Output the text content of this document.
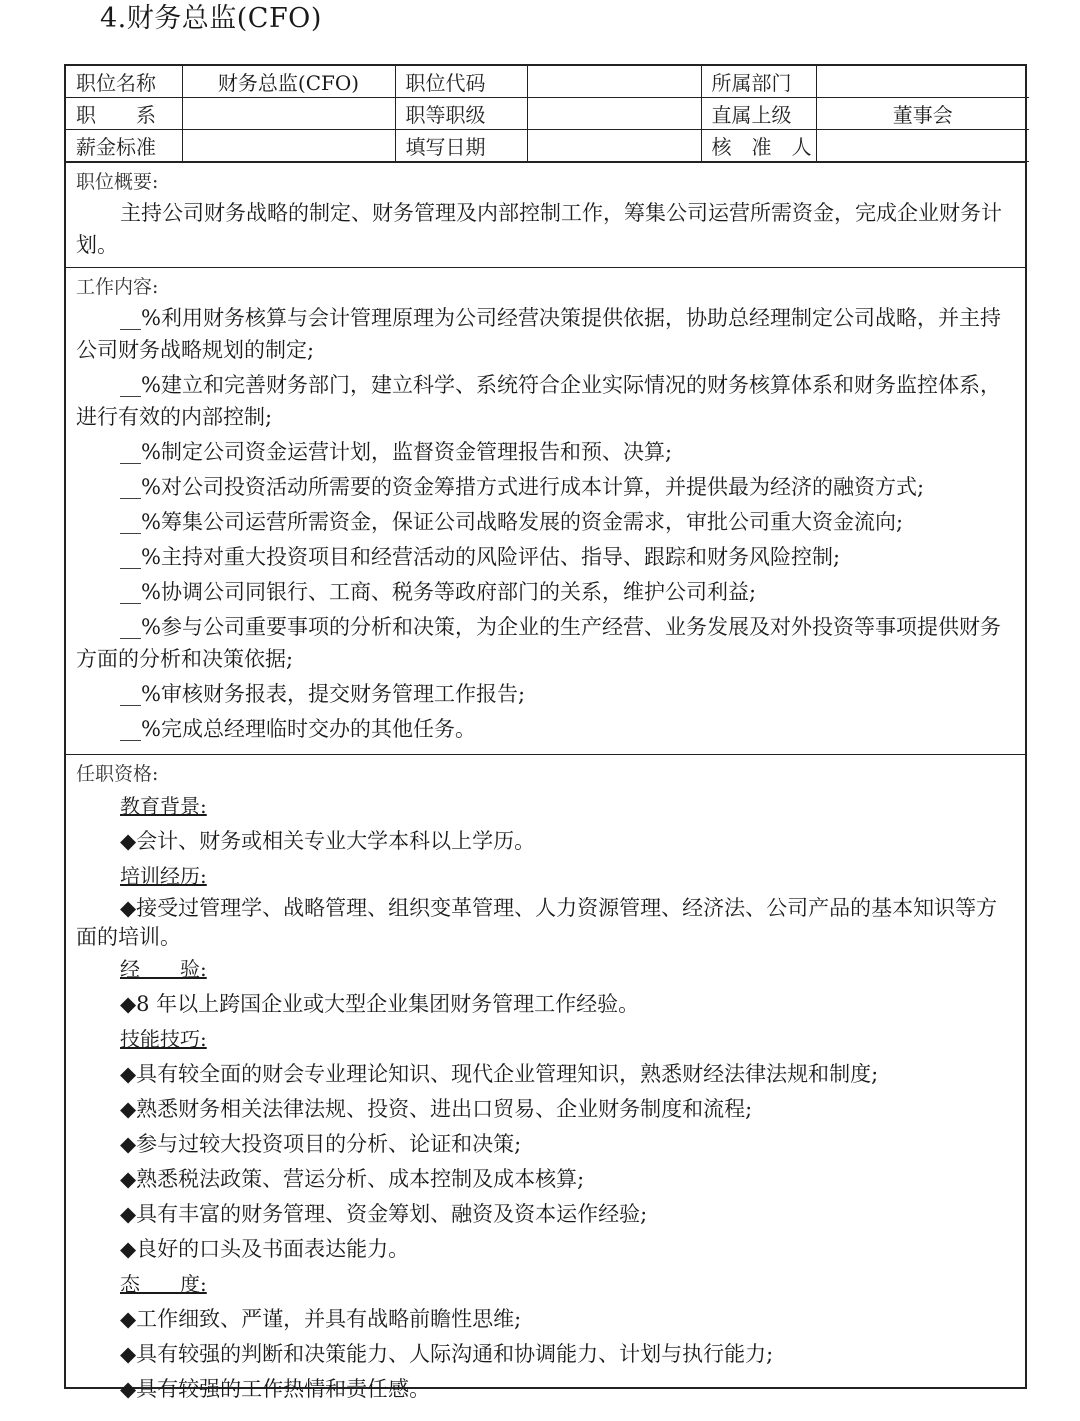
4.财务总监(CFO)
职位名称	财务总监(CFO)	职位代码		所属部门	
职　　系		职等职级		直属上级	董事会
薪金标准		填写日期		核　准　人	
职位概要:

主持公司财务战略的制定、财务管理及内部控制工作，筹集公司运营所需资金，完成企业财务计划。

工作内容:

__%利用财务核算与会计管理原理为公司经营决策提供依据，协助总经理制定公司战略，并主持公司财务战略规划的制定;

__%建立和完善财务部门，建立科学、系统符合企业实际情况的财务核算体系和财务监控体系，进行有效的内部控制;

__%制定公司资金运营计划，监督资金管理报告和预、决算;

__%对公司投资活动所需要的资金筹措方式进行成本计算，并提供最为经济的融资方式;

__%筹集公司运营所需资金，保证公司战略发展的资金需求，审批公司重大资金流向;

__%主持对重大投资项目和经营活动的风险评估、指导、跟踪和财务风险控制;

__%协调公司同银行、工商、税务等政府部门的关系，维护公司利益;

__%参与公司重要事项的分析和决策，为企业的生产经营、业务发展及对外投资等事项提供财务方面的分析和决策依据;

__%审核财务报表，提交财务管理工作报告;

__%完成总经理临时交办的其他任务。

任职资格:
教育背景:

◆会计、财务或相关专业大学本科以上学历。

培训经历:

◆接受过管理学、战略管理、组织变革管理、人力资源管理、经济法、公司产品的基本知识等方面的培训。

经　　验:

◆8 年以上跨国企业或大型企业集团财务管理工作经验。

技能技巧:

◆具有较全面的财会专业理论知识、现代企业管理知识，熟悉财经法律法规和制度;

◆熟悉财务相关法律法规、投资、进出口贸易、企业财务制度和流程;

◆参与过较大投资项目的分析、论证和决策;

◆熟悉税法政策、营运分析、成本控制及成本核算;

◆具有丰富的财务管理、资金筹划、融资及资本运作经验;

◆良好的口头及书面表达能力。

态　　度:

◆工作细致、严谨，并具有战略前瞻性思维;

◆具有较强的判断和决策能力、人际沟通和协调能力、计划与执行能力;

◆具有较强的工作热情和责任感。
